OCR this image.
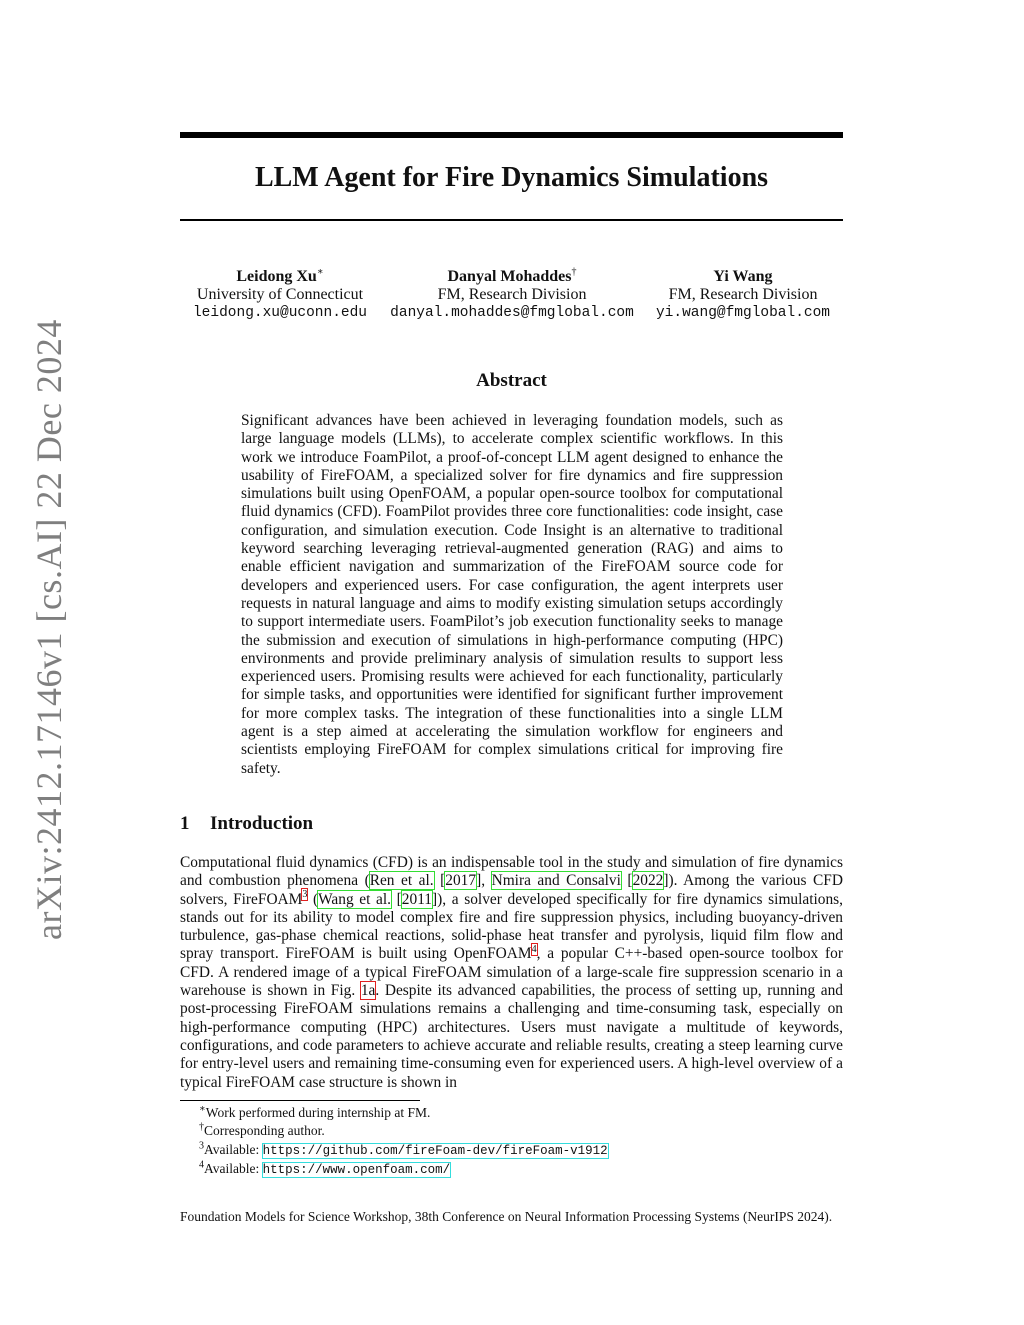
arXiv:2412.17146v1 [cs.AI] 22 Dec 2024
LLM Agent for Fire Dynamics Simulations
Leidong Xu∗
University of Connecticut
leidong.xu@uconn.edu
Danyal Mohaddes†
FM, Research Division
danyal.mohaddes@fmglobal.com
Yi Wang
FM, Research Division
yi.wang@fmglobal.com
Abstract

Significant advances have been achieved in leveraging foundation models, such as large language models (LLMs), to accelerate complex scientific workflows. In this work we introduce FoamPilot, a proof-of-concept LLM agent designed to enhance the usability of FireFOAM, a specialized solver for fire dynamics and fire suppression simulations built using OpenFOAM, a popular open-source toolbox for computational fluid dynamics (CFD). FoamPilot provides three core functionalities: code insight, case configuration, and simulation execution. Code Insight is an alternative to traditional keyword searching leveraging retrieval-augmented generation (RAG) and aims to enable efficient navigation and summarization of the FireFOAM source code for developers and experienced users. For case configuration, the agent interprets user requests in natural language and aims to modify existing simulation setups accordingly to support intermediate users. FoamPilot’s job execution functionality seeks to manage the submission and execution of simulations in high-performance computing (HPC) environments and provide preliminary analysis of simulation results to support less experienced users. Promising results were achieved for each functionality, particularly for simple tasks, and opportunities were identified for significant further improvement for more complex tasks. The integration of these functionalities into a single LLM agent is a step aimed at accelerating the simulation workflow for engineers and scientists employing FireFOAM for complex simulations critical for improving fire safety.

1 Introduction

Computational fluid dynamics (CFD) is an indispensable tool in the study and simulation of fire dynamics and combustion phenomena (Ren et al. [2017], Nmira and Consalvi [2022]). Among the various CFD solvers, FireFOAM$^3$ (Wang et al. [2011]), a solver developed specifically for fire dynamics simulations, stands out for its ability to model complex fire and fire suppression physics, including buoyancy-driven turbulence, gas-phase chemical reactions, solid-phase heat transfer and pyrolysis, liquid film flow and spray transport. FireFOAM is built using OpenFOAM$^4$, a popular C++-based open-source toolbox for CFD. A rendered image of a typical FireFOAM simulation of a large-scale fire suppression scenario in a warehouse is shown in Fig. 1a. Despite its advanced capabilities, the process of setting up, running and post-processing FireFOAM simulations remains a challenging and time-consuming task, especially on high-performance computing (HPC) architectures. Users must navigate a multitude of keywords, configurations, and code parameters to achieve accurate and reliable results, creating a steep learning curve for entry-level users and remaining time-consuming even for experienced users. A high-level overview of a typical FireFOAM case structure is shown in

∗Work performed during internship at FM.
†Corresponding author.
$^3$Available: https://github.com/fireFoam-dev/fireFoam-v1912
$^4$Available: https://www.openfoam.com/

Foundation Models for Science Workshop, 38th Conference on Neural Information Processing Systems (NeurIPS 2024).
